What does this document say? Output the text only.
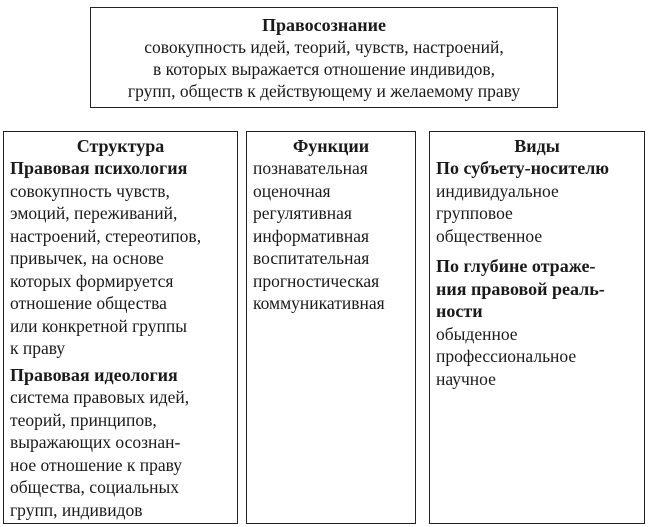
Правосознание
совокупность идей, теорий, чувств, настроений,
в которых выражается отношение индивидов,
групп, обществ к действующему и желаемому праву
Структура
Правовая психология
совокупность чувств,
эмоций, переживаний,
настроений, стереотипов,
привычек, на основе
которых формируется
отношение общества
или конкретной группы
к праву
Правовая идеология
система правовых идей,
теорий, принципов,
выражающих осознан-
ное отношение к праву
общества, социальных
групп, индивидов
Функции
познавательная
оценочная
регулятивная
информативная
воспитательная
прогностическая
коммуникативная
Виды
По субъету-носителю
индивидуальное
групповое
общественное
По глубине отраже-
ния правовой реаль-
ности
обыденное
профессиональное
научное
